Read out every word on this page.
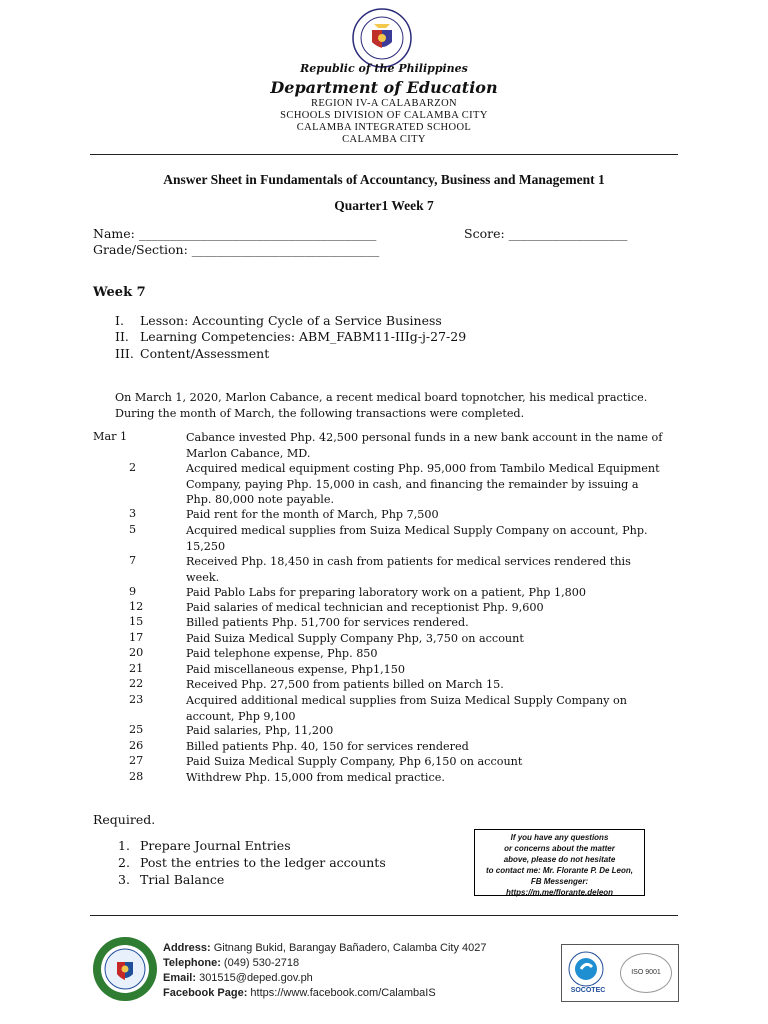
Republic of the Philippines
Department of Education
REGION IV-A CALABARZON
SCHOOLS DIVISION OF CALAMBA CITY
CALAMBA INTEGRATED SCHOOL
CALAMBA CITY
Answer Sheet in Fundamentals of Accountancy, Business and Management 1
Quarter1 Week 7
Name: ______________________________________	Score: ___________________
Grade/Section: ______________________________
Week 7
I. Lesson: Accounting Cycle of a Service Business
II. Learning Competencies: ABM_FABM11-IIIg-j-27-29
III. Content/Assessment
On March 1, 2020, Marlon Cabance, a recent medical board topnotcher, his medical practice. During the month of March, the following transactions were completed.
Mar 1	Cabance invested Php. 42,500 personal funds in a new bank account in the name of Marlon Cabance, MD.
2	Acquired medical equipment costing Php. 95,000 from Tambilo Medical Equipment Company, paying Php. 15,000 in cash, and financing the remainder by issuing a Php. 80,000 note payable.
3	Paid rent for the month of March, Php 7,500
5	Acquired medical supplies from Suiza Medical Supply Company on account, Php. 15,250
7	Received Php. 18,450 in cash from patients for medical services rendered this week.
9	Paid Pablo Labs for preparing laboratory work on a patient, Php 1,800
12	Paid salaries of medical technician and receptionist Php. 9,600
15	Billed patients Php. 51,700 for services rendered.
17	Paid Suiza Medical Supply Company Php, 3,750 on account
20	Paid telephone expense, Php. 850
21	Paid miscellaneous expense, Php1,150
22	Received Php. 27,500 from patients billed on March 15.
23	Acquired additional medical supplies from Suiza Medical Supply Company on account, Php 9,100
25	Paid salaries, Php, 11,200
26	Billed patients Php. 40, 150 for services rendered
27	Paid Suiza Medical Supply Company, Php 6,150 on account
28	Withdrew Php. 15,000 from medical practice.
Required.
1. Prepare Journal Entries
2. Post the entries to the ledger accounts
3. Trial Balance
If you have any questions
or concerns about the matter
above, please do not hesitate
to contact me: Mr. Florante P. De Leon,
FB Messenger:
https://m.me/florante.deleon
Address: Gitnang Bukid, Barangay Bañadero, Calamba City 4027
Telephone: (049) 530-2718
Email: 301515@deped.gov.ph
Facebook Page: https://www.facebook.com/CalambaIS	SOCOTEC
ISO 9001
